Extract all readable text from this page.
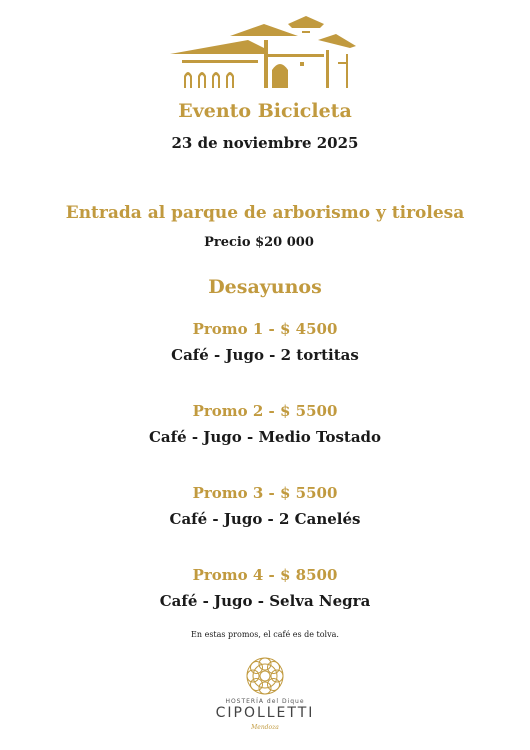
Evento Bicicleta
23 de noviembre 2025
Entrada al parque de arborismo y tirolesa
Precio $20 000
Desayunos
Promo 1 - $ 4500
Café - Jugo - 2 tortitas
Promo 2 - $ 5500
Café - Jugo - Medio Tostado
Promo 3 - $ 5500
Café - Jugo - 2 Canelés
Promo 4 - $ 8500
Café - Jugo - Selva Negra
En estas promos, el café es de tolva.
HOSTERÍA del Dique
CIPOLLETTI
Mendoza
